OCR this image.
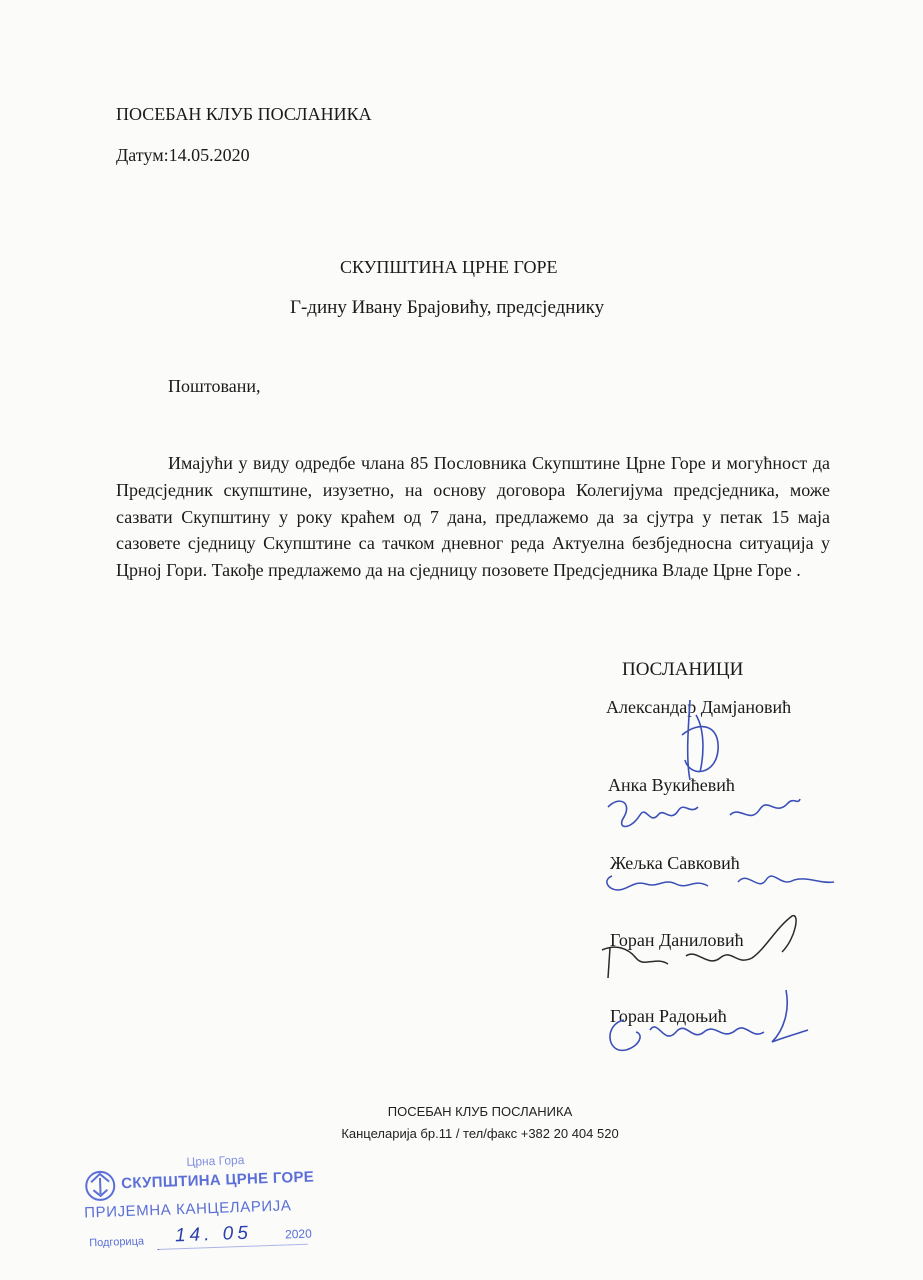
ПОСЕБАН КЛУБ ПОСЛАНИКА
Датум:14.05.2020
СКУПШТИНА ЦРНЕ ГОРЕ
Г-дину Ивану Брајовићу, предсједнику
Поштовани,

Имајући у виду одредбе члана 85 Пословника Скупштине Црне Горе и могућност да Предсједник скупштине, изузетно, на основу договора Колегијума предсједника, може сазвати Скупштину у року краћем од 7 дана, предлажемо да за сјутра у петак 15 маја сазовете сједницу Скупштине са тачком дневног реда Актуелна безбједносна ситуација у Црној Гори. Такође предлажемо да на сједницу позовете Предсједника Владе Црне Горе .

ПОСЛАНИЦИ
Александар Дамјановић
Анка Вукићевић
Жељка Савковић
Горан Даниловић
Горан Радоњић
ПОСЕБАН КЛУБ ПОСЛАНИКА
Канцеларија бр.11 / тел/факс +382 20 404 520
Црна Гора
СКУПШТИНА ЦРНЕ ГОРЕ
ПРИЈЕМНА КАНЦЕЛАРИЈА
Подгорица 14. 05	2020
